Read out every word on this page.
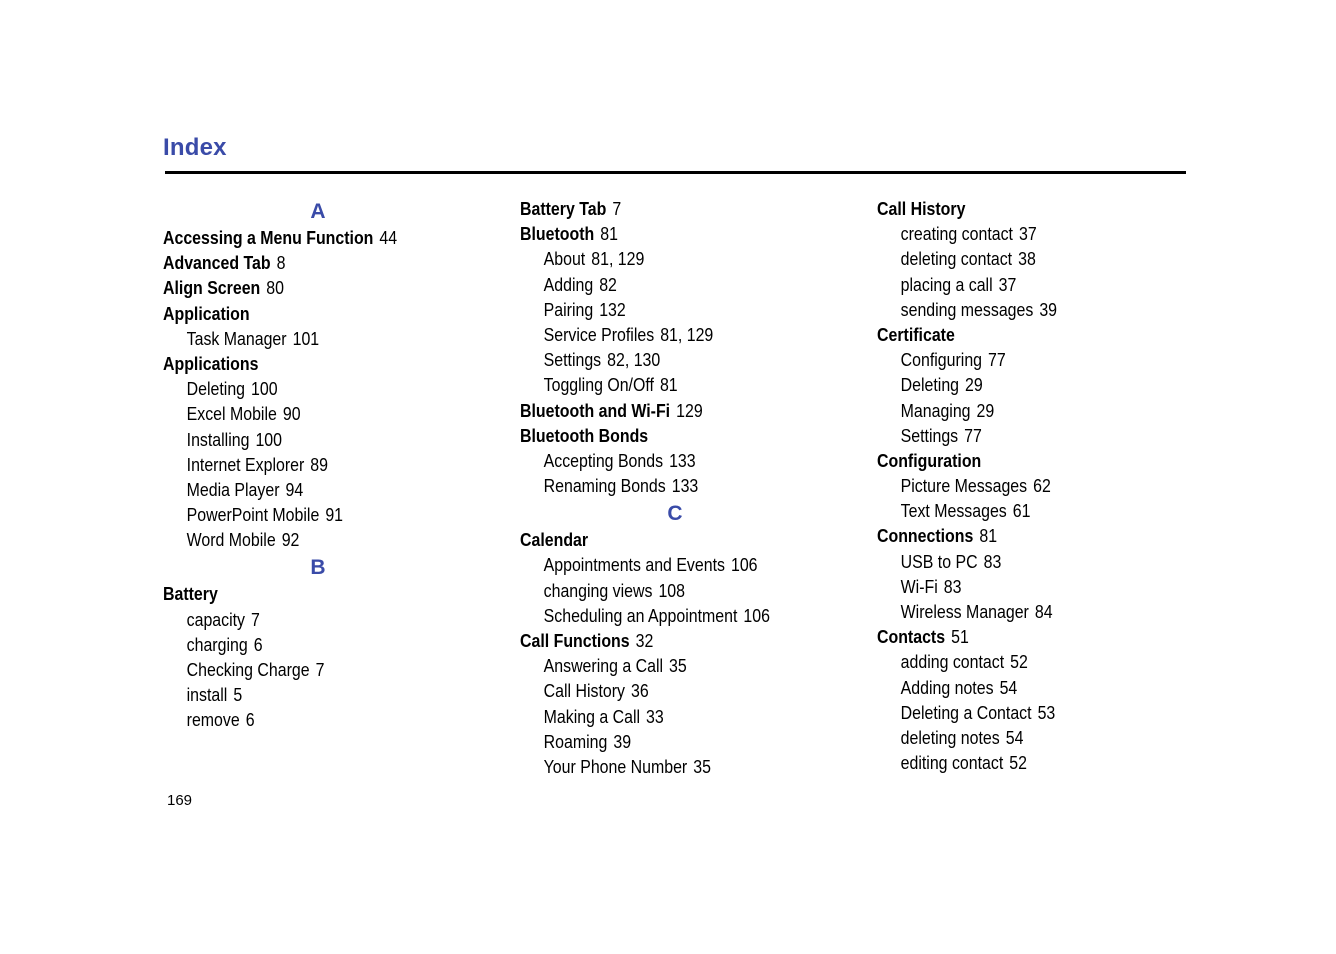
Index
A
Accessing a Menu Function 44
Advanced Tab 8
Align Screen 80
Application
Task Manager 101
Applications
Deleting 100
Excel Mobile 90
Installing 100
Internet Explorer 89
Media Player 94
PowerPoint Mobile 91
Word Mobile 92
B
Battery
capacity 7
charging 6
Checking Charge 7
install 5
remove 6
Battery Tab 7
Bluetooth 81
About 81, 129
Adding 82
Pairing 132
Service Profiles 81, 129
Settings 82, 130
Toggling On/Off 81
Bluetooth and Wi-Fi 129
Bluetooth Bonds
Accepting Bonds 133
Renaming Bonds 133
C
Calendar
Appointments and Events 106
changing views 108
Scheduling an Appointment 106
Call Functions 32
Answering a Call 35
Call History 36
Making a Call 33
Roaming 39
Your Phone Number 35
Call History
creating contact 37
deleting contact 38
placing a call 37
sending messages 39
Certificate
Configuring 77
Deleting 29
Managing 29
Settings 77
Configuration
Picture Messages 62
Text Messages 61
Connections 81
USB to PC 83
Wi-Fi 83
Wireless Manager 84
Contacts 51
adding contact 52
Adding notes 54
Deleting a Contact 53
deleting notes 54
editing contact 52
169
